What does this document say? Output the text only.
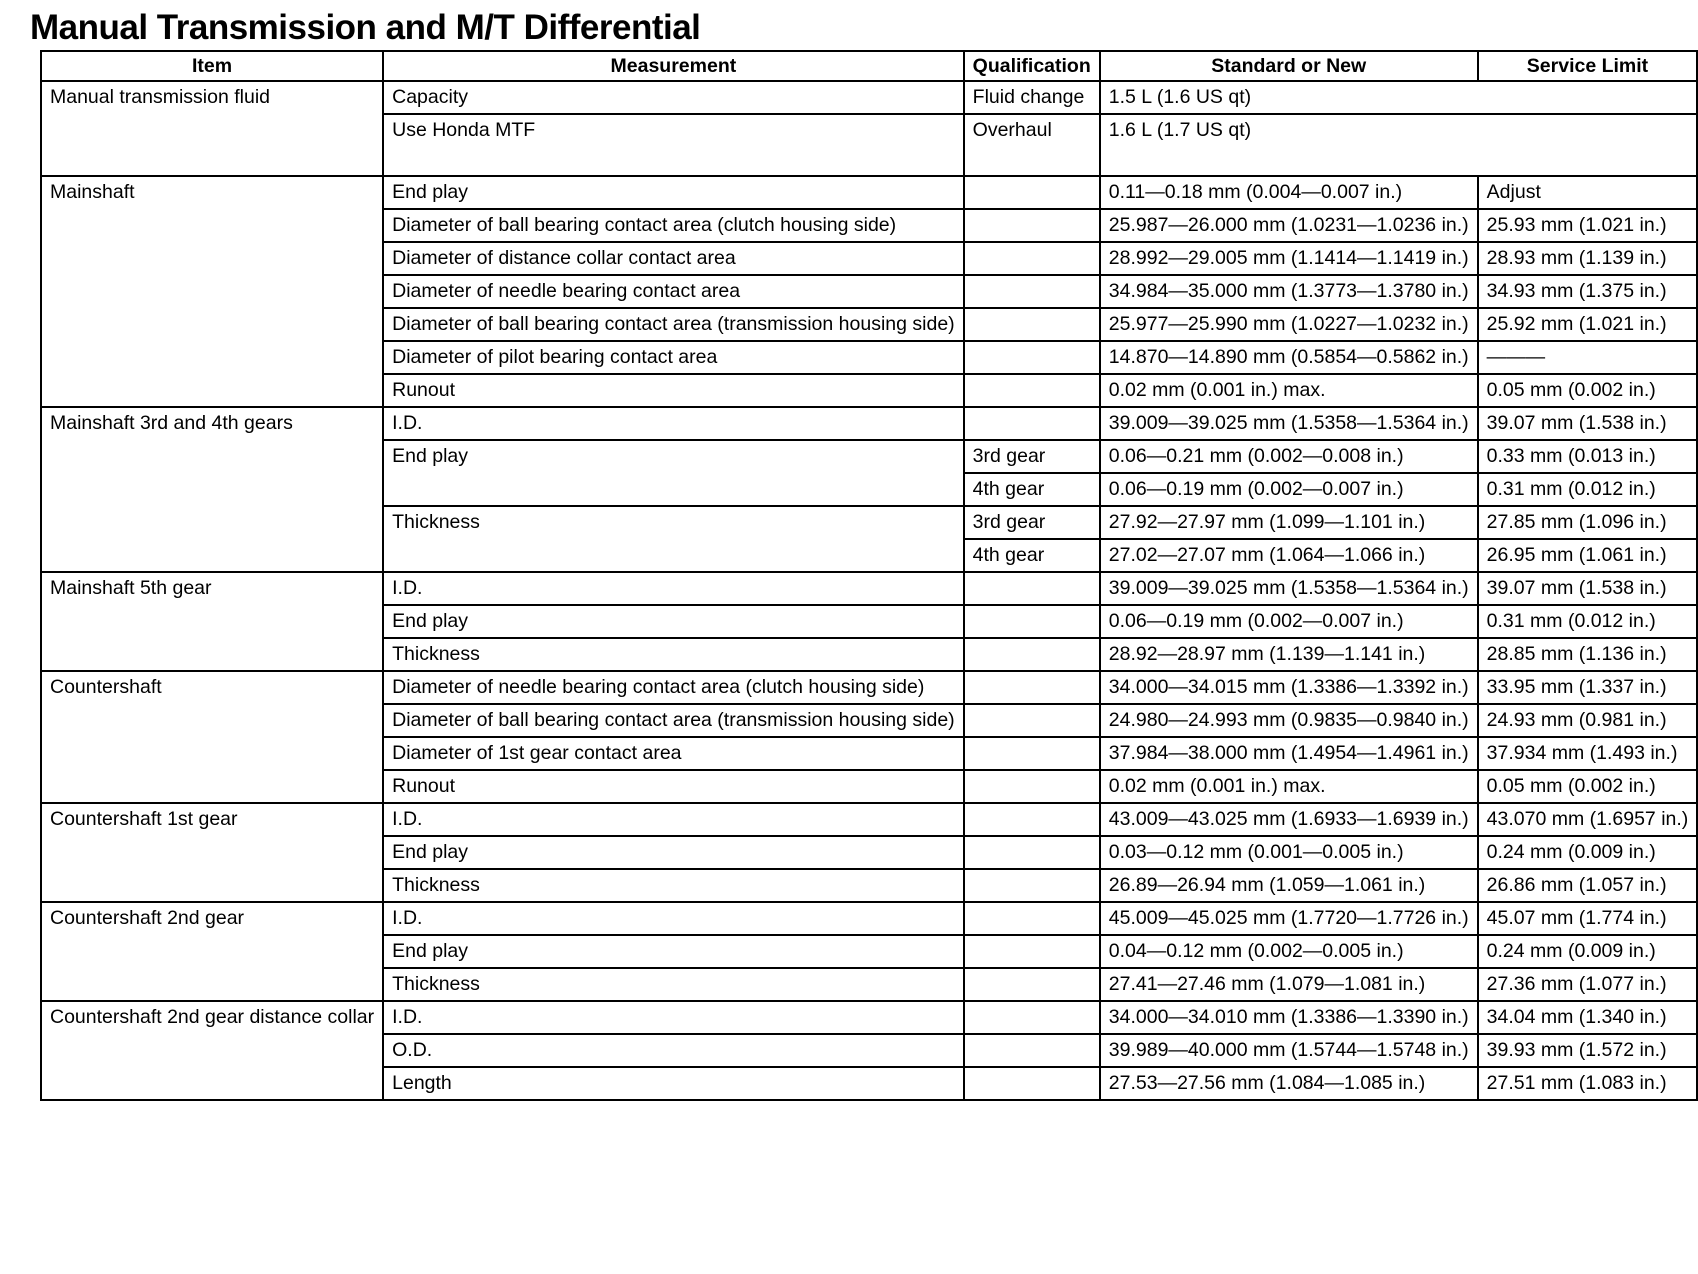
Manual Transmission and M/T Differential
Item	Measurement	Qualification	Standard or New	Service Limit
Manual transmission fluid	Capacity	Fluid change	1.5 L (1.6 US qt)	
	Use Honda MTF	Overhaul	1.6 L (1.7 US qt)	
Mainshaft	End play		0.11—0.18 mm (0.004—0.007 in.)	Adjust
	Diameter of ball bearing contact area (clutch housing side)		25.987—26.000 mm (1.0231—1.0236 in.)	25.93 mm (1.021 in.)
	Diameter of distance collar contact area		28.992—29.005 mm (1.1414—1.1419 in.)	28.93 mm (1.139 in.)
	Diameter of needle bearing contact area		34.984—35.000 mm (1.3773—1.3780 in.)	34.93 mm (1.375 in.)
	Diameter of ball bearing contact area (transmission housing side)		25.977—25.990 mm (1.0227—1.0232 in.)	25.92 mm (1.021 in.)
	Diameter of pilot bearing contact area		14.870—14.890 mm (0.5854—0.5862 in.)	———
	Runout		0.02 mm (0.001 in.) max.	0.05 mm (0.002 in.)
Mainshaft 3rd and 4th gears	I.D.		39.009—39.025 mm (1.5358—1.5364 in.)	39.07 mm (1.538 in.)
	End play	3rd gear	0.06—0.21 mm (0.002—0.008 in.)	0.33 mm (0.013 in.)
		4th gear	0.06—0.19 mm (0.002—0.007 in.)	0.31 mm (0.012 in.)
	Thickness	3rd gear	27.92—27.97 mm (1.099—1.101 in.)	27.85 mm (1.096 in.)
		4th gear	27.02—27.07 mm (1.064—1.066 in.)	26.95 mm (1.061 in.)
Mainshaft 5th gear	I.D.		39.009—39.025 mm (1.5358—1.5364 in.)	39.07 mm (1.538 in.)
	End play		0.06—0.19 mm (0.002—0.007 in.)	0.31 mm (0.012 in.)
	Thickness		28.92—28.97 mm (1.139—1.141 in.)	28.85 mm (1.136 in.)
Countershaft	Diameter of needle bearing contact area (clutch housing side)		34.000—34.015 mm (1.3386—1.3392 in.)	33.95 mm (1.337 in.)
	Diameter of ball bearing contact area (transmission housing side)		24.980—24.993 mm (0.9835—0.9840 in.)	24.93 mm (0.981 in.)
	Diameter of 1st gear contact area		37.984—38.000 mm (1.4954—1.4961 in.)	37.934 mm (1.493 in.)
	Runout		0.02 mm (0.001 in.) max.	0.05 mm (0.002 in.)
Countershaft 1st gear	I.D.		43.009—43.025 mm (1.6933—1.6939 in.)	43.070 mm (1.6957 in.)
	End play		0.03—0.12 mm (0.001—0.005 in.)	0.24 mm (0.009 in.)
	Thickness		26.89—26.94 mm (1.059—1.061 in.)	26.86 mm (1.057 in.)
Countershaft 2nd gear	I.D.		45.009—45.025 mm (1.7720—1.7726 in.)	45.07 mm (1.774 in.)
	End play		0.04—0.12 mm (0.002—0.005 in.)	0.24 mm (0.009 in.)
	Thickness		27.41—27.46 mm (1.079—1.081 in.)	27.36 mm (1.077 in.)
Countershaft 2nd gear distance collar	I.D.		34.000—34.010 mm (1.3386—1.3390 in.)	34.04 mm (1.340 in.)
	O.D.		39.989—40.000 mm (1.5744—1.5748 in.)	39.93 mm (1.572 in.)
	Length		27.53—27.56 mm (1.084—1.085 in.)	27.51 mm (1.083 in.)
